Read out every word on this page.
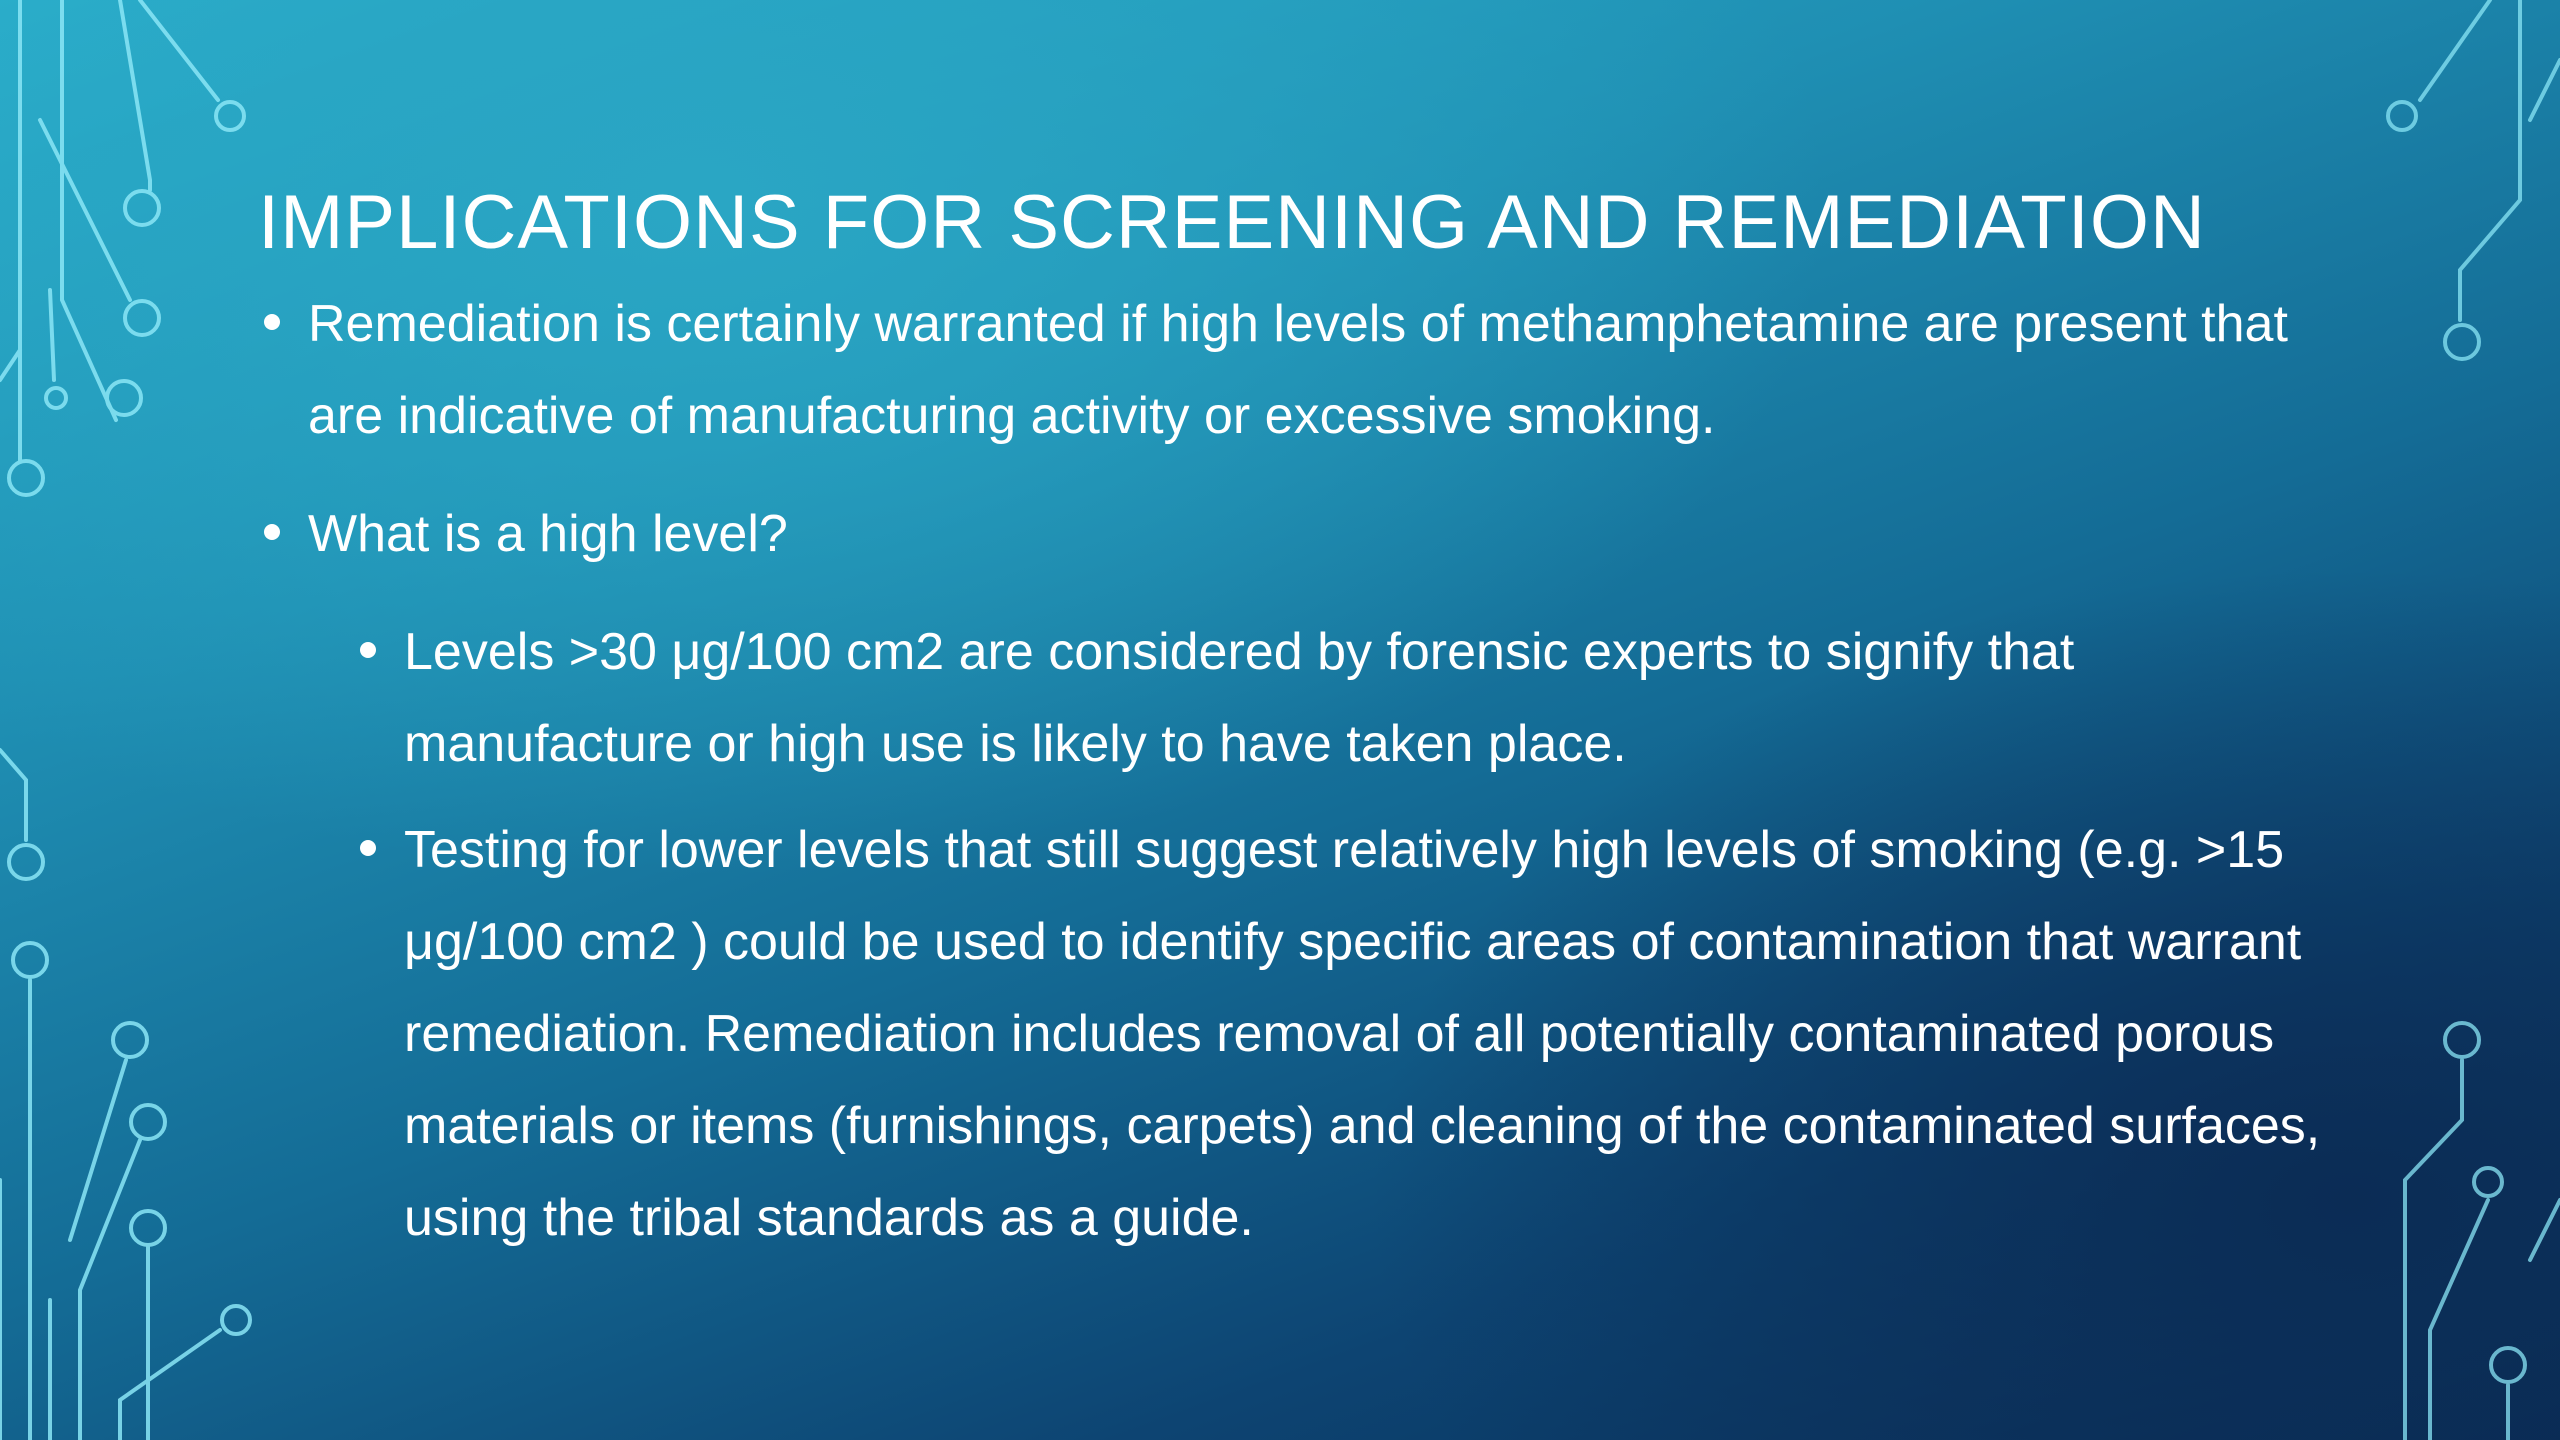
IMPLICATIONS FOR SCREENING AND REMEDIATION
Remediation is certainly warranted if high levels of methamphetamine are present that are indicative of manufacturing activity or excessive smoking.
What is a high level?
Levels >30 μg/100 cm2 are considered by forensic experts to signify that manufacture or high use is likely to have taken place.
Testing for lower levels that still suggest relatively high levels of smoking (e.g. >15 μg/100 cm2 ) could be used to identify specific areas of contamination that warrant remediation. Remediation includes removal of all potentially contaminated porous materials or items (furnishings, carpets) and cleaning of the contaminated surfaces, using the tribal standards as a guide.
